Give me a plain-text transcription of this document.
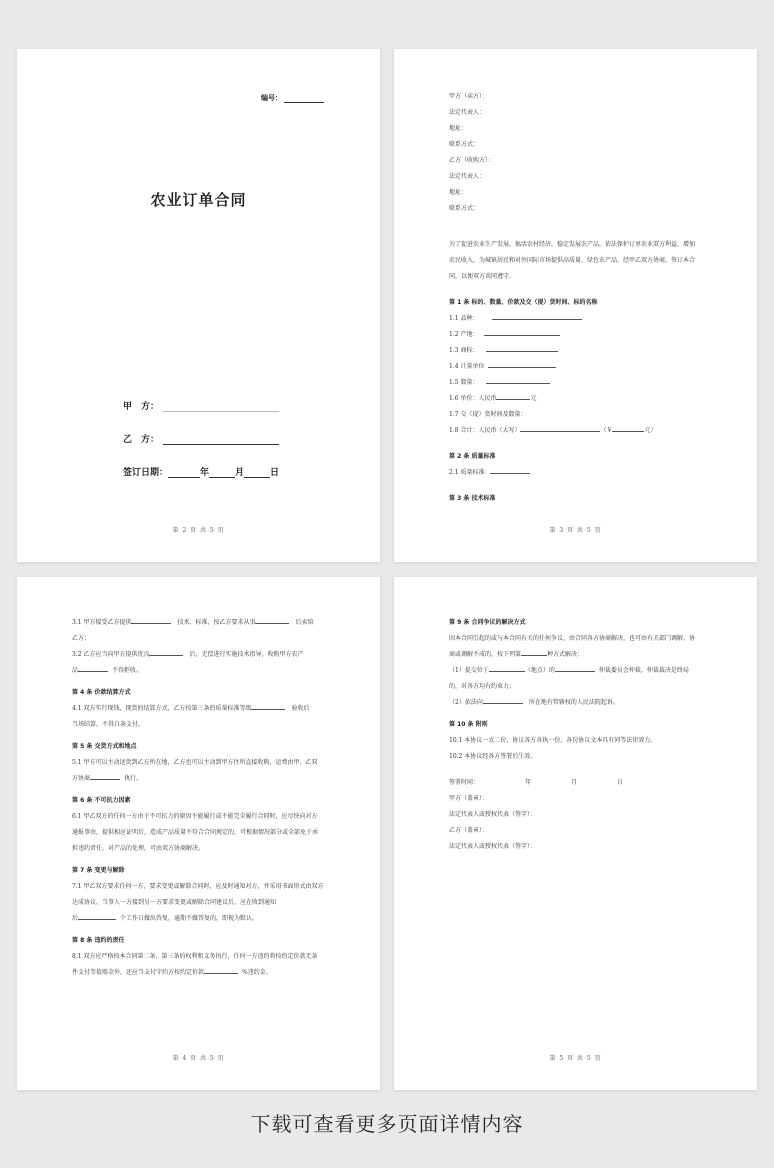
编号：
农业订单合同
甲　方：
乙　方：
签订日期：	年	月	日
第 2 页 共 5 页
甲方（卖方）：
法定代表人：
地址：
联系方式：
乙方（收购方）：
法定代表人：
地址：
联系方式：
为了促进农业生产发展，搞活农村经济，稳定发展农产品，依法保护订单农业双方利益，增加
农民收入，为城镇居民和对外国际市场提供高质量、绿色农产品，经甲乙双方协商，签订本合
同，以便双方共同遵守。
第 1 条 标的、数量、价款及交（提）货时间、标的名称
1.1 品种：
1.2 产地：
1.3 商标：
1.4 计量单位
1.5 数量：
1.6 单价：人民币	元
1.7 交（提）货时间及数量：
1.8 合计：人民币（大写）	（￥	元）
第 2 条 质量标准
2.1 质量标准：
第 3 条 技术标准
第 3 页 共 5 页
3.1 甲方接受乙方提供	技术、标准，按乙方要求从事	后卖给
乙方；
3.2 乙方应当向甲方提供优良	后，无偿进行实施技术指导，收购甲方农产
品	不得拒收。
第 4 条 价款结算方式
4.1 双方实行现钱，现货的结算方式，乙方按第三条的质量标准等级	验收后
当场结算，不得白条支付。
第 5 条 交货方式和地点
5.1 甲方可以主动送货到乙方所在地，乙方也可以主动到甲方住所直接收购，运费由甲、乙双
方协商	执行。
第 6 条 不可抗力因素
6.1 甲乙双方的任何一方由于不可抗力的原因不能履行或不能完全履行合同时，应尽快向对方
通报事由，提供相应证明后，造成产品质量不符合合同规定的，可根据情况部分或全部免于承
担违约责任，对产品的处理，可由双方协商解决。
第 7 条 变更与解除
7.1 甲乙双方要求任何一方，要求变更或解除合同时，应及时通知对方，并采用书面形式由双方
达成协议。当事人一方接到另一方要求变更或解除合同建议后，应在收到通知
后	个工作日做出答复，逾期不做答复的，即视为默认。
第 8 条 违约的责任
8.1 双方应严格按本合同第二条、第三条的权利和义务执行，任何一方违约将按约定价款无条
件支付等值赔金外，还应当支付守约方按约定价款	%违约金。
第 4 页 共 5 页
第 9 条 合同争议的解决方式
因本合同引起的或与本合同有关的任何争议，由合同各方协商解决，也可由有关部门调解。协
商或调解不成的，按下列第	种方式解决：
（1）提交位于	（地点）的	仲裁委员会仲裁。仲裁裁决是终局
的，对各方均有约束力；
（2）依法向	所在地有管辖权的人民法院起诉。
第 10 条 附则
10.1 本协议一式二份，协议各方各执一份，各份协议文本具有同等法律效力。
10.2 本协议经各方签署后生效。
签署时间：	年	月	日
甲方（盖章）：
法定代表人或授权代表（签字）：
乙方（盖章）：
法定代表人或授权代表（签字）：
第 5 页 共 5 页
下载可查看更多页面详情内容
